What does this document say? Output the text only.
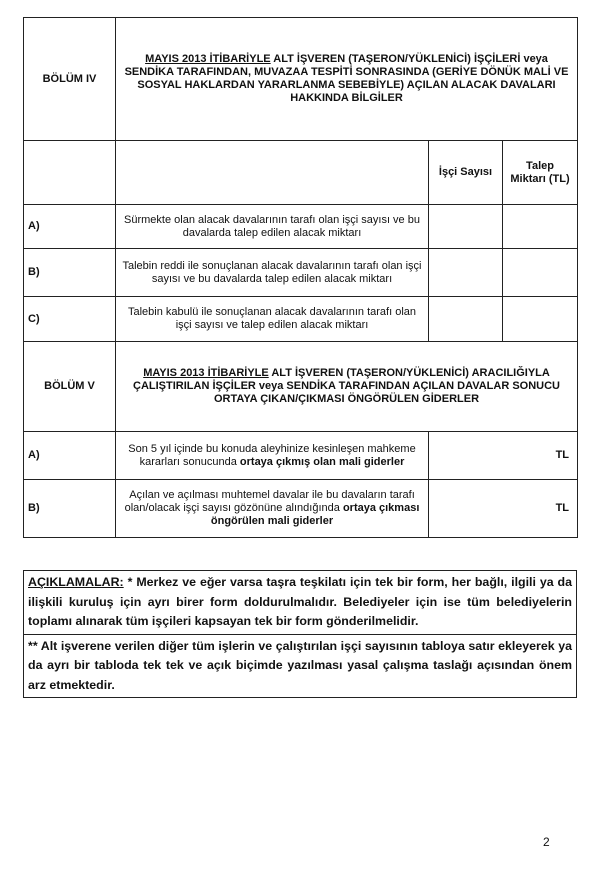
BÖLÜM IV	MAYIS 2013 İTİBARİYLE ALT İŞVEREN (TAŞERON/YÜKLENİCİ) İŞÇİLERİ veya SENDİKA TARAFINDAN, MUVAZAA TESPİTİ SONRASINDA (GERİYE DÖNÜK MALİ VE SOSYAL HAKLARDAN YARARLANMA SEBEBİYLE) AÇILAN ALACAK DAVALARI HAKKINDA BİLGİLER		
		İşçi Sayısı	Talep Miktarı (TL)
A)	Sürmekte olan alacak davalarının tarafı olan işçi sayısı ve bu davalarda talep edilen alacak miktarı		
B)	Talebin reddi ile sonuçlanan alacak davalarının tarafı olan işçi sayısı ve bu davalarda talep edilen alacak miktarı		
C)	Talebin kabulü ile sonuçlanan alacak davalarının tarafı olan işçi sayısı ve talep edilen alacak miktarı		
BÖLÜM V	MAYIS 2013 İTİBARİYLE ALT İŞVEREN (TAŞERON/YÜKLENİCİ) ARACILIĞIYLA ÇALIŞTIRILAN İŞÇİLER veya SENDİKA TARAFINDAN AÇILAN DAVALAR SONUCU ORTAYA ÇIKAN/ÇIKMASI ÖNGÖRÜLEN GİDERLER		
A)	Son 5 yıl içinde bu konuda aleyhinize kesinleşen mahkeme kararları sonucunda ortaya çıkmış olan mali giderler	TL	
B)	Açılan ve açılması muhtemel davalar ile bu davaların tarafı olan/olacak işçi sayısı gözönüne alındığında ortaya çıkması öngörülen mali giderler	TL	
AÇIKLAMALAR: * Merkez ve eğer varsa taşra teşkilatı için tek bir form, her bağlı, ilgili ya da ilişkili kuruluş için ayrı birer form doldurulmalıdır. Belediyeler için ise tüm belediyelerin toplamı alınarak tüm işçileri kapsayan tek bir form gönderilmelidir.
** Alt işverene verilen diğer tüm işlerin ve çalıştırılan işçi sayısının tabloya satır ekleyerek ya da ayrı bir tabloda tek tek ve açık biçimde yazılması yasal çalışma taslağı açısından önem arz etmektedir.
2
